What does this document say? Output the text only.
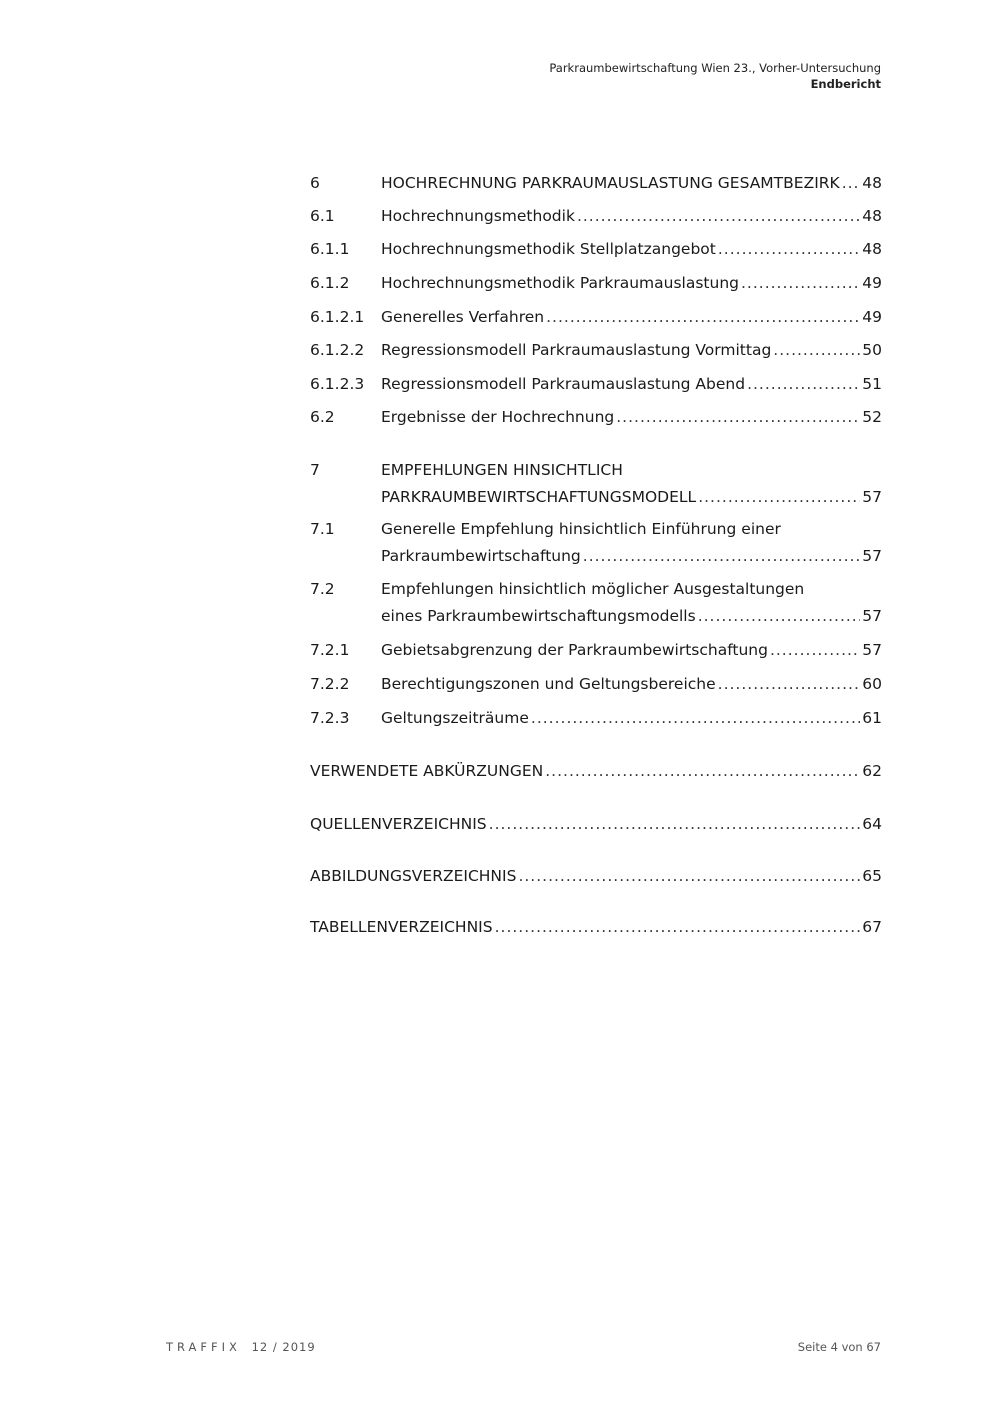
Parkraumbewirtschaftung Wien 23., Vorher-Untersuchung
Endbericht
6	HOCHRECHNUNG PARKRAUMAUSLASTUNG GESAMTBEZIRK ..... 48
6.1	Hochrechnungsmethodik .....	48
6.1.1	Hochrechnungsmethodik Stellplatzangebot .....	48
6.1.2	Hochrechnungsmethodik Parkraumauslastung .....	49
6.1.2.1	Generelles Verfahren .....	49
6.1.2.2	Regressionsmodell Parkraumauslastung Vormittag .....	50
6.1.2.3	Regressionsmodell Parkraumauslastung Abend .....	51
6.2	Ergebnisse der Hochrechnung .....	52
7	EMPFEHLUNGEN HINSICHTLICH
PARKRAUMBEWIRTSCHAFTUNGSMODELL .....	57
7.1	Generelle Empfehlung hinsichtlich Einführung einer
Parkraumbewirtschaftung .....	57
7.2	Empfehlungen hinsichtlich möglicher Ausgestaltungen
eines Parkraumbewirtschaftungsmodells .....	57
7.2.1	Gebietsabgrenzung der Parkraumbewirtschaftung .....	57
7.2.2	Berechtigungszonen und Geltungsbereiche .....	60
7.2.3	Geltungszeiträume .....	61
VERWENDETE ABKÜRZUNGEN .....	62
QUELLENVERZEICHNIS .....	64
ABBILDUNGSVERZEICHNIS .....	65
TABELLENVERZEICHNIS .....	67
TRAFFIX 12 / 2019	Seite 4 von 67
